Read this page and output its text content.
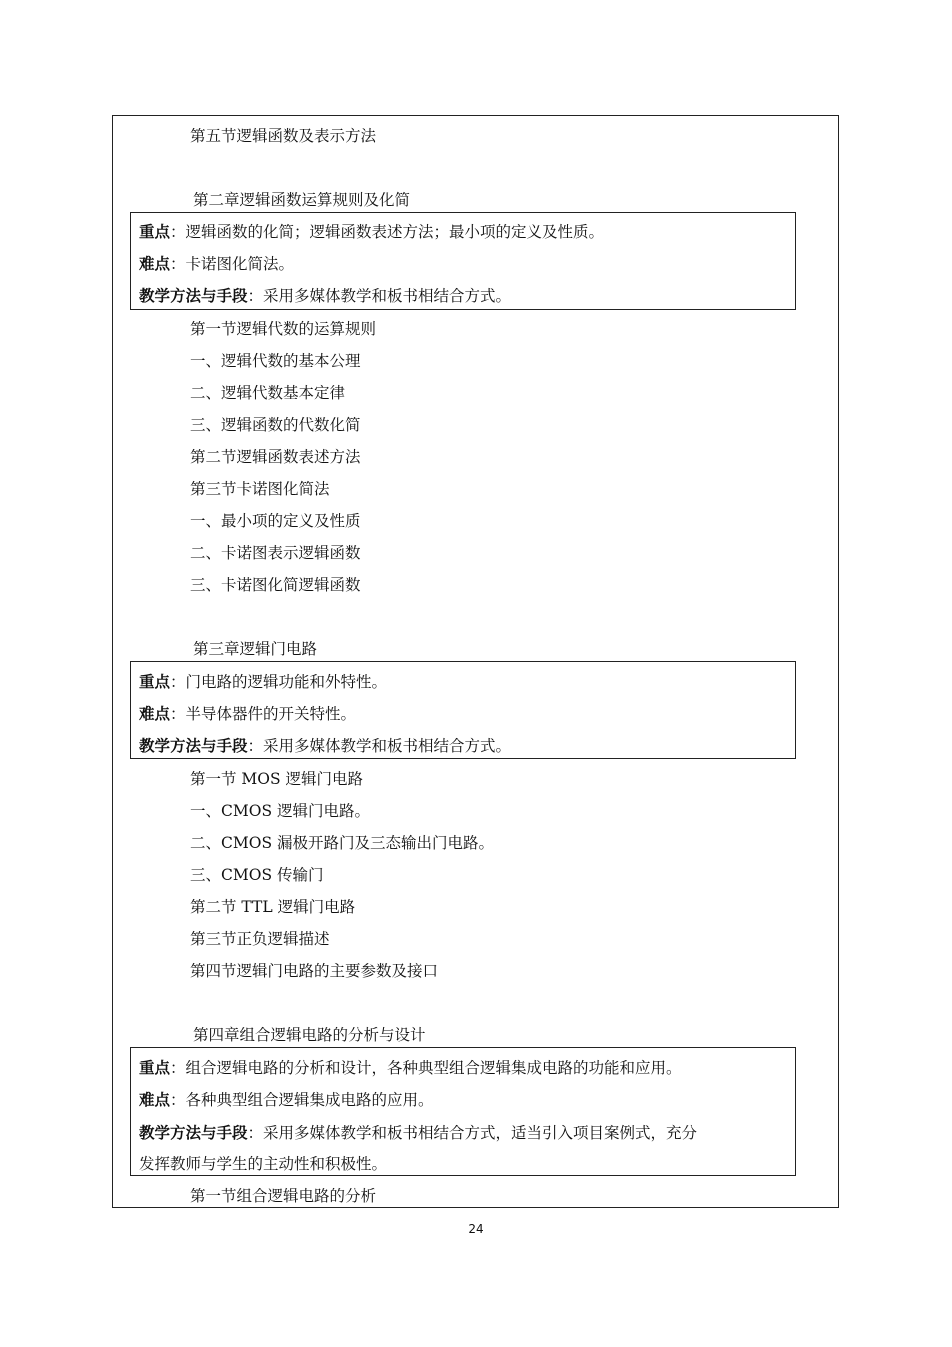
第五节逻辑函数及表示方法
第二章逻辑函数运算规则及化简
重点：逻辑函数的化简；逻辑函数表述方法；最小项的定义及性质。
难点：卡诺图化简法。
教学方法与手段：采用多媒体教学和板书相结合方式。
第一节逻辑代数的运算规则
一、逻辑代数的基本公理
二、逻辑代数基本定律
三、逻辑函数的代数化简
第二节逻辑函数表述方法
第三节卡诺图化简法
一、最小项的定义及性质
二、卡诺图表示逻辑函数
三、卡诺图化简逻辑函数
第三章逻辑门电路
重点：门电路的逻辑功能和外特性。
难点：半导体器件的开关特性。
教学方法与手段：采用多媒体教学和板书相结合方式。
第一节 MOS 逻辑门电路
一、CMOS 逻辑门电路。
二、CMOS 漏极开路门及三态输出门电路。
三、CMOS 传输门
第二节 TTL 逻辑门电路
第三节正负逻辑描述
第四节逻辑门电路的主要参数及接口
第四章组合逻辑电路的分析与设计
重点：组合逻辑电路的分析和设计，各种典型组合逻辑集成电路的功能和应用。
难点：各种典型组合逻辑集成电路的应用。
教学方法与手段：采用多媒体教学和板书相结合方式，适当引入项目案例式，充分
发挥教师与学生的主动性和积极性。
第一节组合逻辑电路的分析
24
